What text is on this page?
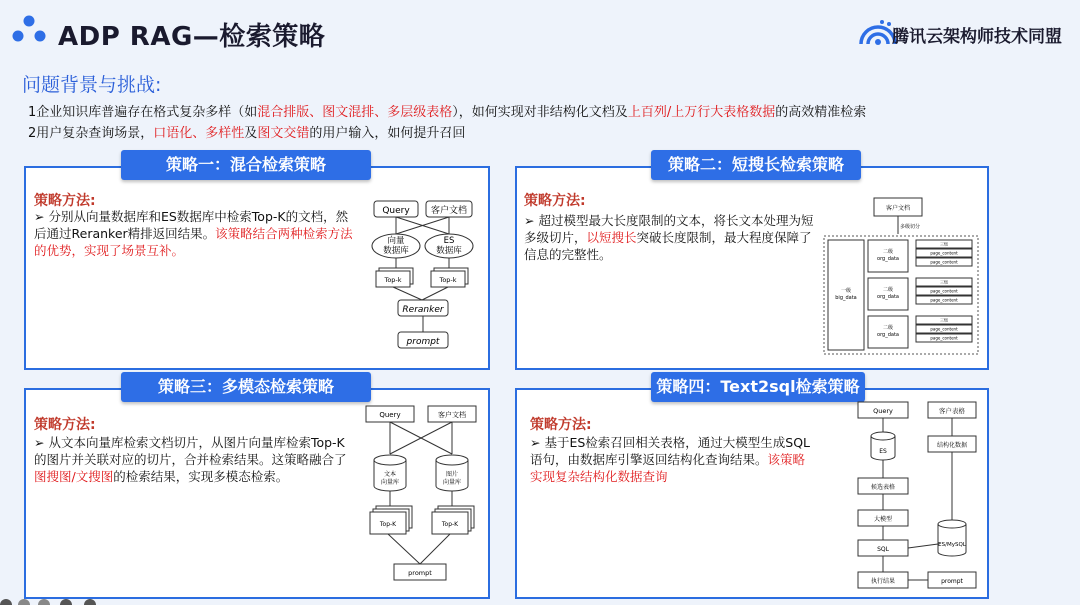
ADP RAG—检索策略	腾讯云架构师技术同盟
问题背景与挑战:
1企业知识库普遍存在格式复杂多样（如混合排版、图文混排、多层级表格），如何实现对非结构化文档及上百列/上万行大表格数据的高效精准检索
2用户复杂查询场景，口语化、多样性及图文交错的用户输入，如何提升召回
策略一：混合检索策略
策略方法:
➢ 分别从向量数据库和ES数据库中检索Top-K的文档，然后通过Reranker精排返回结果。该策略结合两种检索方法的优势，实现了场景互补。
Query 客户文档
向量
数据库
ES
数据库
Top-k	Top-k
Reranker
prompt
策略二：短搜长检索策略
策略方法:
➢ 超过模型最大长度限制的文本，将长文本处理为短多级切片，以短搜长突破长度限制，最大程度保障了信息的完整性。
客户文档
多级切分
一级
big_data
二级
org_data
二级
org_data
二级
org_data
三级
page_content
page_content
三级
page_content
page_content
三级
page_content
page_content
策略三：多模态检索策略
策略方法:
➢ 从文本向量库检索文档切片，从图片向量库检索Top-K的图片并关联对应的切片，合并检索结果。这策略融合了图搜图/文搜图的检索结果，实现多模态检索。
Query	客户文档
文本
向量库
图片
向量库
Top-K	Top-K
prompt
策略四：Text2sql检索策略
策略方法:
➢ 基于ES检索召回相关表格，通过大模型生成SQL语句，由数据库引擎返回结构化查询结果。该策略实现复杂结构化数据查询
Query	客户表格
ES
结构化数据
候选表格
大模型
SQL
ES/MySQL
执行结果	prompt
